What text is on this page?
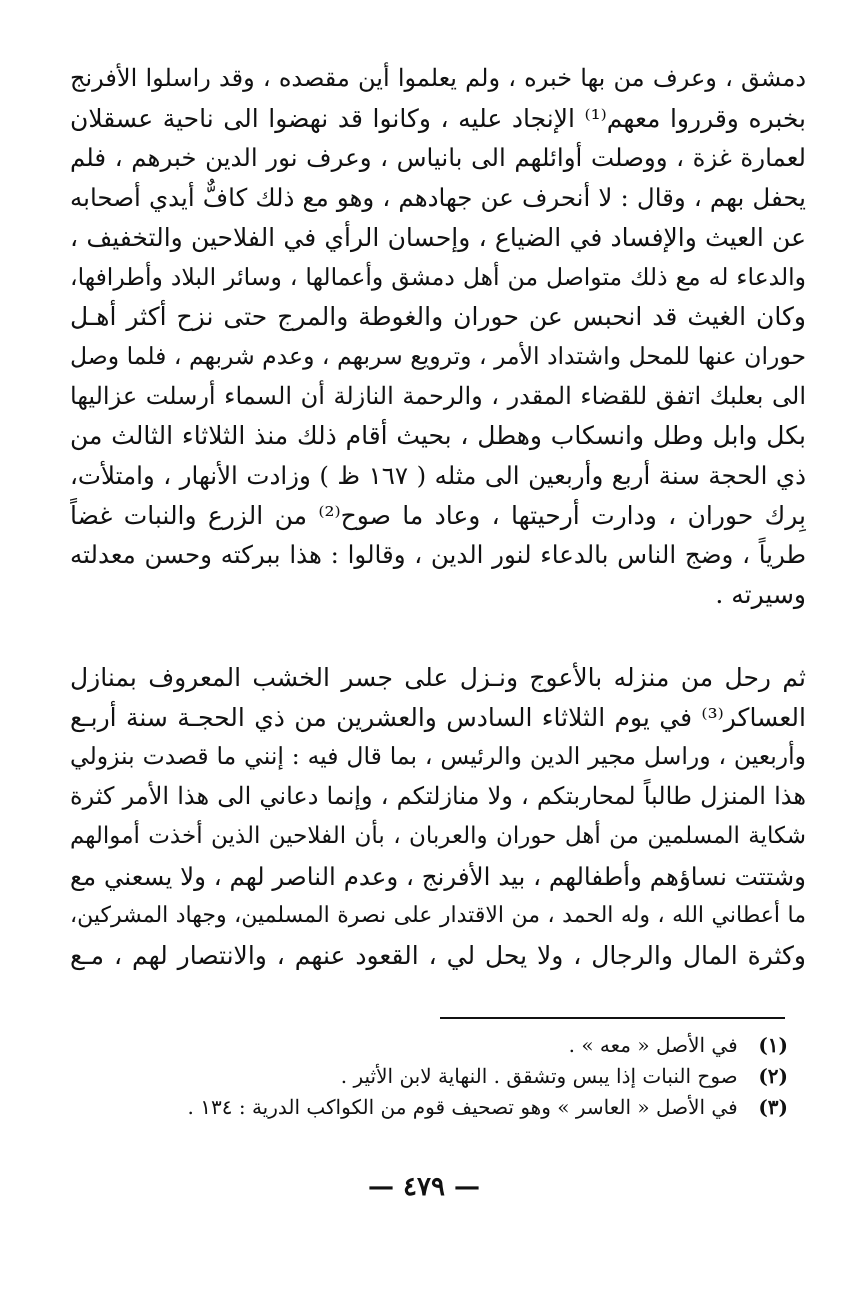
دمشق ، وعرف من بها خبره ، ولم يعلموا أين مقصده ، وقد راسلوا الأفرنج
بخبره وقرروا معهم⁽¹⁾ الإنجاد عليه ، وكانوا قد نهضوا الى ناحية عسقلان
لعمارة غزة ، ووصلت أوائلهم الى بانياس ، وعرف نور الدين خبرهم ، فلم
يحفل بهم ، وقال : لا أنحرف عن جهادهم ، وهو مع ذلك كافٌّ أيدي أصحابه
عن العيث والإفساد في الضياع ، وإحسان الرأي في الفلاحين والتخفيف ،
والدعاء له مع ذلك متواصل من أهل دمشق وأعمالها ، وسائر البلاد وأطرافها،
وكان الغيث قد انحبس عن حوران والغوطة والمرج حتى نزح أكثر أهـل
حوران عنها للمحل واشتداد الأمر ، وترويع سربهم ، وعدم شربهم ، فلما وصل
الى بعلبك اتفق للقضاء المقدر ، والرحمة النازلة أن السماء أرسلت عزاليها
بكل وابل وطل وانسكاب وهطل ، بحيث أقام ذلك منذ الثلاثاء الثالث من
ذي الحجة سنة أربع وأربعين الى مثله ( ١٦٧ ظ ) وزادت الأنهار ، وامتلأت،
بِرك حوران ، ودارت أرحيتها ، وعاد ما صوح⁽²⁾ من الزرع والنبات غضاً
طرياً ، وضج الناس بالدعاء لنور الدين ، وقالوا : هذا ببركته وحسن معدلته
وسيرته .
ثم رحل من منزله بالأعوج ونـزل على جسر الخشب المعروف بمنازل
العساكر⁽³⁾ في يوم الثلاثاء السادس والعشرين من ذي الحجـة سنة أربـع
وأربعين ، وراسل مجير الدين والرئيس ، بما قال فيه : إنني ما قصدت بنزولي
هذا المنزل طالباً لمحاربتكم ، ولا منازلتكم ، وإنما دعاني الى هذا الأمر كثرة
شكاية المسلمين من أهل حوران والعربان ، بأن الفلاحين الذين أخذت أموالهم
وشتتت نساؤهم وأطفالهم ، بيد الأفرنج ، وعدم الناصر لهم ، ولا يسعني مع
ما أعطاني الله ، وله الحمد ، من الاقتدار على نصرة المسلمين، وجهاد المشركين،
وكثرة المال والرجال ، ولا يحل لي ، القعود عنهم ، والانتصار لهم ، مـع
(١) في الأصل « معه » .
(٢) صوح النبات إذا يبس وتشقق . النهاية لابن الأثير .
(٣) في الأصل « العاسر » وهو تصحيف قوم من الكواكب الدرية : ١٣٤ .
— ٤٧٩ —
